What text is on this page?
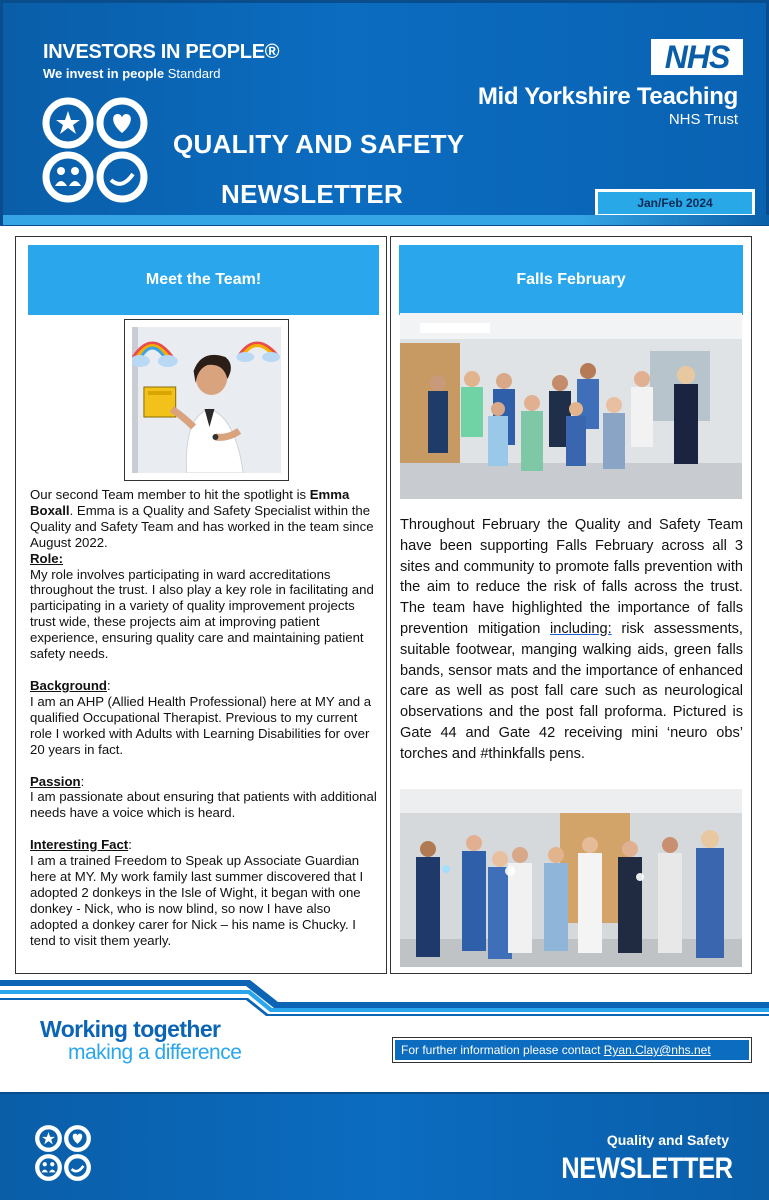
INVESTORS IN PEOPLE®
We invest in people Standard	NHS
Mid Yorkshire Teaching
NHS Trust
QUALITY AND SAFETY
NEWSLETTER	Jan/Feb 2024
Meet the Team!

Our second Team member to hit the spotlight is Emma Boxall. Emma is a Quality and Safety Specialist within the Quality and Safety Team and has worked in the team since August 2022.

Role:

My role involves participating in ward accreditations throughout the trust. I also play a key role in facilitating and participating in a variety of quality improvement projects trust wide, these projects aim at improving patient experience, ensuring quality care and maintaining patient safety needs.

Background:

I am an AHP (Allied Health Professional) here at MY and a qualified Occupational Therapist. Previous to my current role I worked with Adults with Learning Disabilities for over 20 years in fact.

Passion:

I am passionate about ensuring that patients with additional needs have a voice which is heard.

Interesting Fact:

I am a trained Freedom to Speak up Associate Guardian here at MY. My work family last summer discovered that I adopted 2 donkeys in the Isle of Wight, it began with one donkey - Nick, who is now blind, so now I have also adopted a donkey carer for Nick – his name is Chucky. I tend to visit them yearly.

Falls February
Throughout February the Quality and Safety Team have been supporting Falls February across all 3 sites and community to promote falls prevention with the aim to reduce the risk of falls across the trust. The team have highlighted the importance of falls prevention mitigation including: risk assessments, suitable footwear, manging walking aids, green falls bands, sensor mats and the importance of enhanced care as well as post fall care such as neurological observations and the post fall proforma. Pictured is Gate 44 and Gate 42 receiving mini ‘neuro obs’ torches and #thinkfalls pens.
Working together
making a difference	For further information please contact Ryan.Clay@nhs.net
Quality and Safety
NEWSLETTER
